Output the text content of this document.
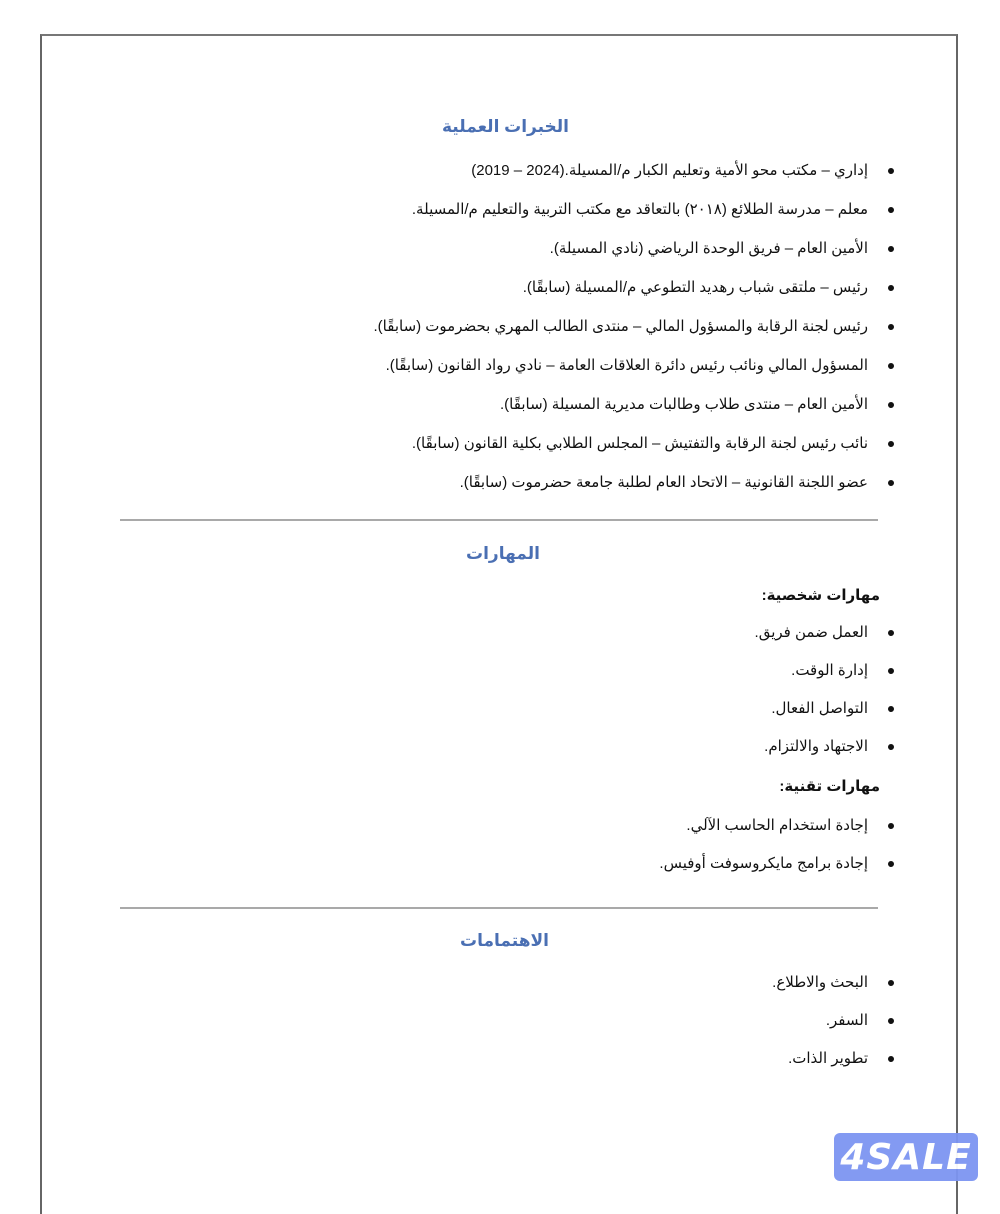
الخبرات العملية
إداري – مكتب محو الأمية وتعليم الكبار م/المسيلة.(2024 – 2019)
معلم – مدرسة الطلائع (٢٠١٨) بالتعاقد مع مكتب التربية والتعليم م/المسيلة.
الأمين العام – فريق الوحدة الرياضي (نادي المسيلة).
رئيس – ملتقى شباب رهديد التطوعي م/المسيلة (سابقًا).
رئيس لجنة الرقابة والمسؤول المالي – منتدى الطالب المهري بحضرموت (سابقًا).
المسؤول المالي ونائب رئيس دائرة العلاقات العامة – نادي رواد القانون (سابقًا).
الأمين العام – منتدى طلاب وطالبات مديرية المسيلة (سابقًا).
نائب رئيس لجنة الرقابة والتفتيش – المجلس الطلابي بكلية القانون (سابقًا).
عضو اللجنة القانونية – الاتحاد العام لطلبة جامعة حضرموت (سابقًا).
المهارات
مهارات شخصية:
العمل ضمن فريق.
إدارة الوقت.
التواصل الفعال.
الاجتهاد والالتزام.
مهارات تقنية:
إجادة استخدام الحاسب الآلي.
إجادة برامج مايكروسوفت أوفيس.
الاهتمامات
البحث والاطلاع.
السفر.
تطوير الذات.
4SALE
